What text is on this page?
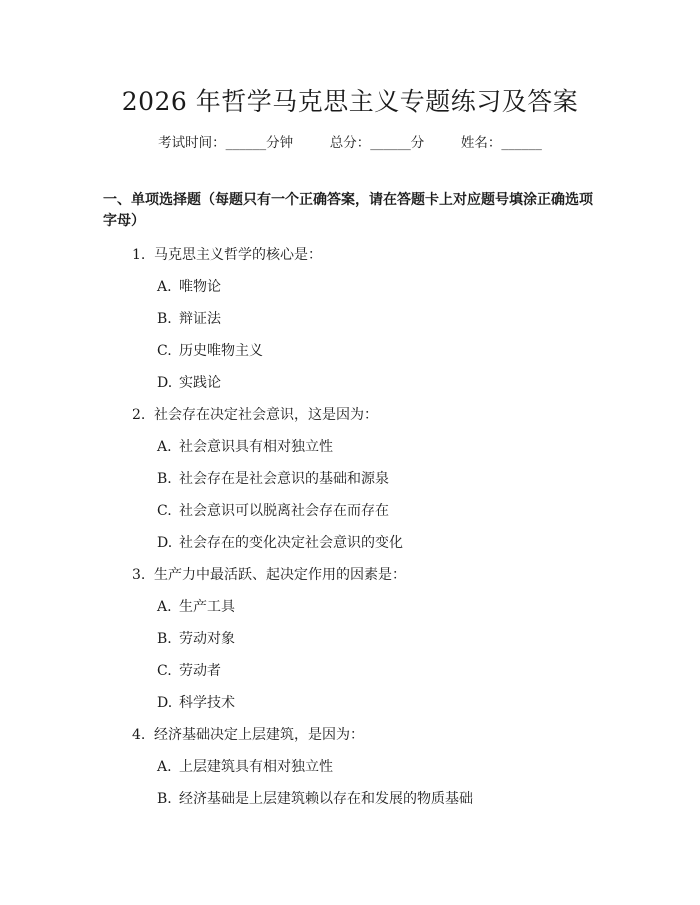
2026 年哲学马克思主义专题练习及答案
考试时间：______分钟	总分：______分	姓名：______
一、单项选择题（每题只有一个正确答案，请在答题卡上对应题号填涂正确选项字母）
1. 马克思主义哲学的核心是：
A. 唯物论
B. 辩证法
C. 历史唯物主义
D. 实践论
2. 社会存在决定社会意识，这是因为：
A. 社会意识具有相对独立性
B. 社会存在是社会意识的基础和源泉
C. 社会意识可以脱离社会存在而存在
D. 社会存在的变化决定社会意识的变化
3. 生产力中最活跃、起决定作用的因素是：
A. 生产工具
B. 劳动对象
C. 劳动者
D. 科学技术
4. 经济基础决定上层建筑，是因为：
A. 上层建筑具有相对独立性
B. 经济基础是上层建筑赖以存在和发展的物质基础
